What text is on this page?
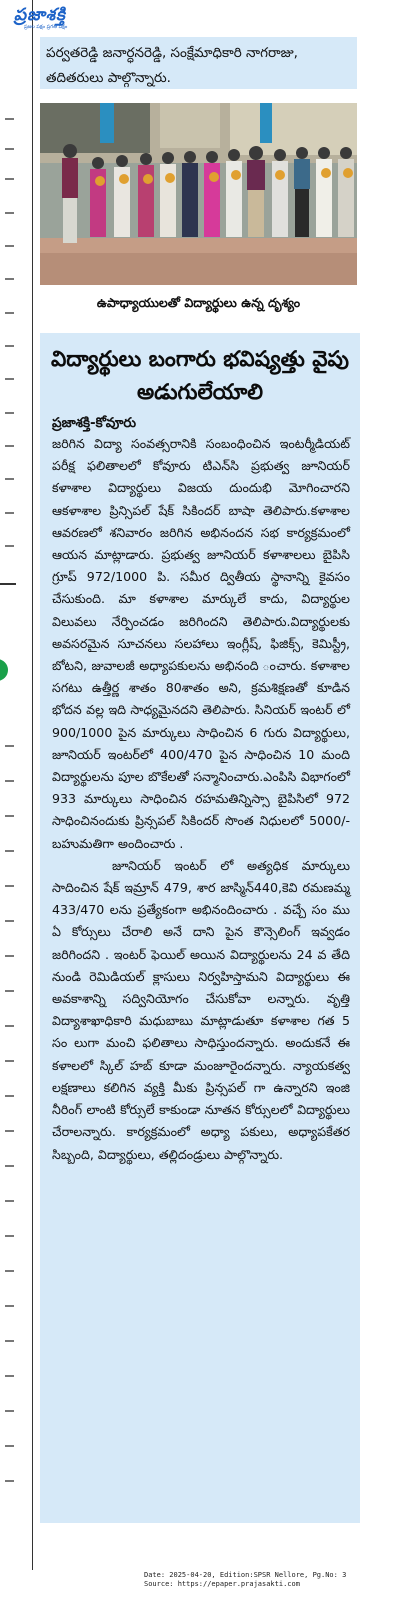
ప్రజాశక్తి
ప్రజల పక్షం ప్రగతి పక్షం
పర్వతరెడ్డి జనార్ధనరెడ్డి, సంక్షేమాధికారి నాగరాజు, తదితరులు పాల్గొన్నారు.
ఉపాధ్యాయులతో విద్యార్థులు ఉన్న దృశ్యం
విద్యార్థులు బంగారు భవిష్యత్తు వైపు అడుగులేయాలి
ప్రజాశక్తి-కోవూరు

జరిగిన విద్యా సంవత్సరానికి సంబంధించిన ఇంటర్మీడియట్ పరీక్ష ఫలితాలలో కోవూరు టిఎన్‌సి ప్రభుత్వ జూనియర్ కళాశాల విద్యార్థులు విజయ దుందుభి మోగించారని ఆకళాశాల ప్రిన్సిపల్ షేక్ సికిందర్ బాషా తెలిపారు.కళాశాల ఆవరణలో శనివారం జరిగిన అభినందన సభ కార్యక్రమంలో ఆయన మాట్లాడారు. ప్రభుత్వ జూనియర్ కళాశాలలు బైపిసి గ్రూప్ 972/1000 పి. సమీర ద్వితీయ స్థానాన్ని కైవసం చేసుకుంది. మా కళాశాల మార్కులే కాదు, విద్యార్థుల విలువలు నేర్పించడం జరిగిందని తెలిపారు.విద్యార్థులకు అవసరమైన సూచనలు సలహాలు ఇంగ్లీష్, ఫిజిక్స్, కెమిస్ట్రీ, బోటని, జువాలజీ అధ్యాపకులను అభినంది ంచారు. కళాశాల సగటు ఉత్తీర్ణ శాతం 80శాతం అని, క్రమశిక్షణతో కూడిన భోదన వల్ల ఇది సాధ్యమైనదని తెలిపారు. సినియర్ ఇంటర్ లో 900/1000 పైన మార్కులు సాధించిన 6 గురు విద్యార్థులు, జూనియర్ ఇంటర్‌లో 400/470 పైన సాధించిన 10 మంది విద్యార్థులను పూల బొకేలతో సన్మానించారు.ఎంపిసి విభాగంలో 933 మార్కులు సాధించిన రహమతిన్నిస్సా బైపిసిలో 972 సాధించినందుకు ప్రిన్సపల్ సికిందర్ సొంత నిధులలో 5000/- బహుమతిగా అందించారు .

జూనియర్ ఇంటర్ లో అత్యధిక మార్కులు సాదించిన షేక్ ఇమ్రాన్ 479, శార జాస్మిన్440,కెవి రమణమ్మ 433/470 లను ప్రత్యేకంగా అభినందించారు . వచ్చే సం ము ఏ కోర్సులు చేరాలి అనే దాని పైన కౌన్సెలింగ్ ఇవ్వడం జరిగిందని . ఇంటర్ ఫెయిల్ అయిన విద్యార్థులను 24 వ తేది నుండి రెమిడియల్ క్లాసులు నిర్వహిస్తామని విద్యార్థులు ఈ అవకాశాన్ని సద్వినియోగం చేసుకోవా లన్నారు. వృత్తి విద్యాశాఖాధికారి మధుబాబు మాట్లాడుతూ కళాశాల గత 5 సం లుగా మంచి ఫలితాలు సాధిస్తుందన్నారు. అందుకనే ఈ కళాలలో స్కిల్ హబ్ కూడా మంజూరైందన్నారు. న్యాయకత్వ లక్షణాలు కలిగిన వ్యక్తి మీకు ప్రిన్సపల్ గా ఉన్నారని ఇంజి నీరింగ్ లాంటి కోర్సులే కాకుండా నూతన కోర్సులలో విద్యార్థులు చేరాలన్నారు. కార్యక్రమంలో అధ్యా పకులు, అధ్యాపకేతర సిబ్బంది, విద్యార్థులు, తల్లిదండ్రులు పాల్గొన్నారు.

Date: 2025-04-20, Edition:SPSR Nellore, Pg.No: 3
Source: https://epaper.prajasakti.com
